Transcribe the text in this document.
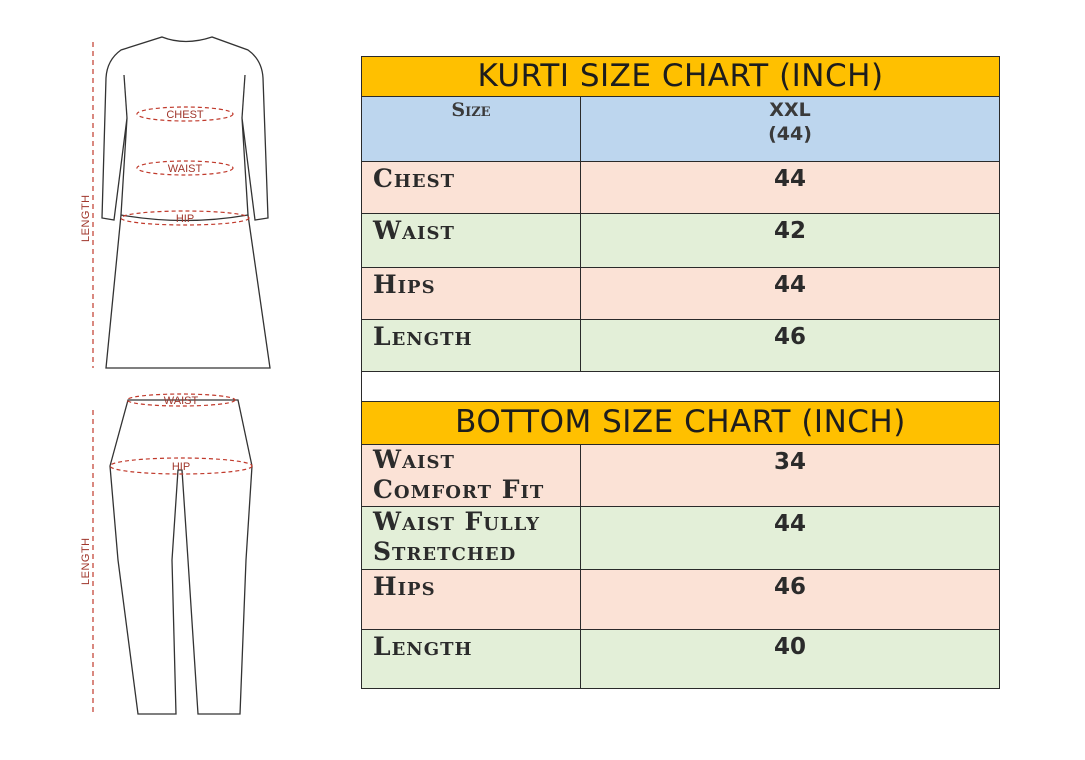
LENGTH
CHEST
WAIST
HIP
LENGTH
WAIST
HIP
KURTI SIZE CHART (INCH)
Size	XXL
(44)
Chest	44
Waist	42
Hips	44
Length	46
BOTTOM SIZE CHART (INCH)
Waist
Comfort Fit
34
Waist Fully
Stretched
44
Hips	46
Length	40
